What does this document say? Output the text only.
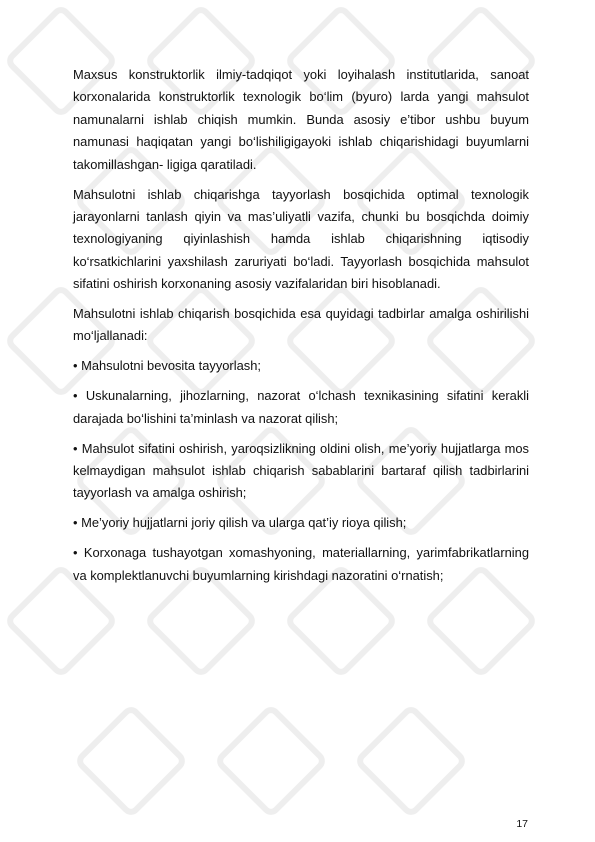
Maxsus konstruktorlik ilmiy-tadqiqot yoki loyihalash institutlarida, sanoat korxonalarida konstruktorlik texnologik bo‘lim (byuro) larda yangi mahsulot namunalarni ishlab chiqish mumkin. Bunda asosiy e’tibor ushbu buyum namunasi haqiqatan yangi bo‘lishiligigayoki ishlab chiqarishidagi buyumlarni takomillashgan- ligiga qaratiladi.

Mahsulotni ishlab chiqarishga tayyorlash bosqichida optimal texnologik jarayonlarni tanlash qiyin va mas’uliyatli vazifa, chunki bu bosqichda doimiy texnologiyaning qiyinlashish hamda ishlab chiqarishning iqtisodiy ko‘rsatkichlarini yaxshilash zaruriyati bo‘ladi. Tayyorlash bosqichida mahsulot sifatini oshirish korxonaning asosiy vazifalaridan biri hisoblanadi.

Mahsulotni ishlab chiqarish bosqichida esa quyidagi tadbirlar amalga oshirilishi mo‘ljallanadi:

• Mahsulotni bevosita tayyorlash;

• Uskunalarning, jihozlarning, nazorat o‘lchash texnikasining sifatini kerakli darajada bo‘lishini ta’minlash va nazorat qilish;

• Mahsulot sifatini oshirish, yaroqsizlikning oldini olish, me’yoriy hujjatlarga mos kelmaydigan mahsulot ishlab chiqarish sabablarini bartaraf qilish tadbirlarini tayyorlash va amalga oshirish;

• Me’yoriy hujjatlarni joriy qilish va ularga qat’iy rioya qilish;

• Korxonaga tushayotgan xomashyoning, materiallarning, yarimfabrikatlarning va komplektlanuvchi buyumlarning kirishdagi nazoratini o‘rnatish;

17
